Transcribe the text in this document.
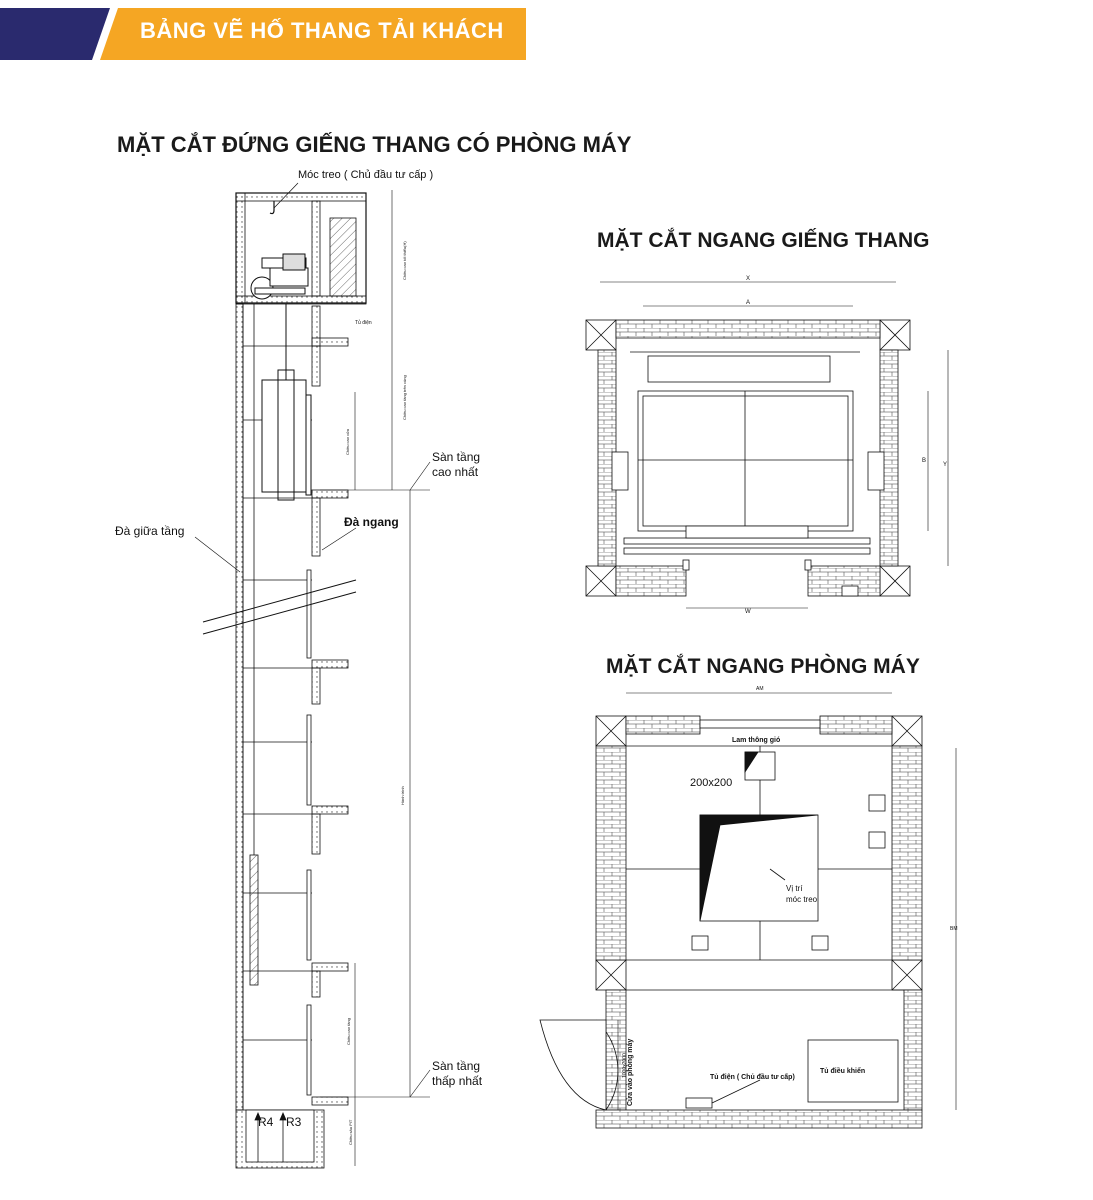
BẢNG VẼ HỐ THANG TẢI KHÁCH
MẶT CẮT ĐỨNG GIẾNG THANG CÓ PHÒNG MÁY
MẶT CẮT NGANG GIẾNG THANG
MẶT CẮT NGANG PHÒNG MÁY
Tủ điện
R4 R3
Chiều cao tối thiểu(H)
Chiều cao tầng trên cùng
Chiều cao cửa
Hành trình
Chiều cao tầng
Chiều sâu PIT
Móc treo ( Chủ đầu tư cấp )
Sàn tầng
cao nhất
Sàn tầng
thấp nhất
Đà ngang
Đà giữa tầng
X
A
Y
B
W
AM
BM
Lam thông gió
200x200
Vị trí
móc treo
Cửa vào phòng máy
1000x2000	Tủ điện ( Chủ đầu tư cấp)
Tủ điều khiển
